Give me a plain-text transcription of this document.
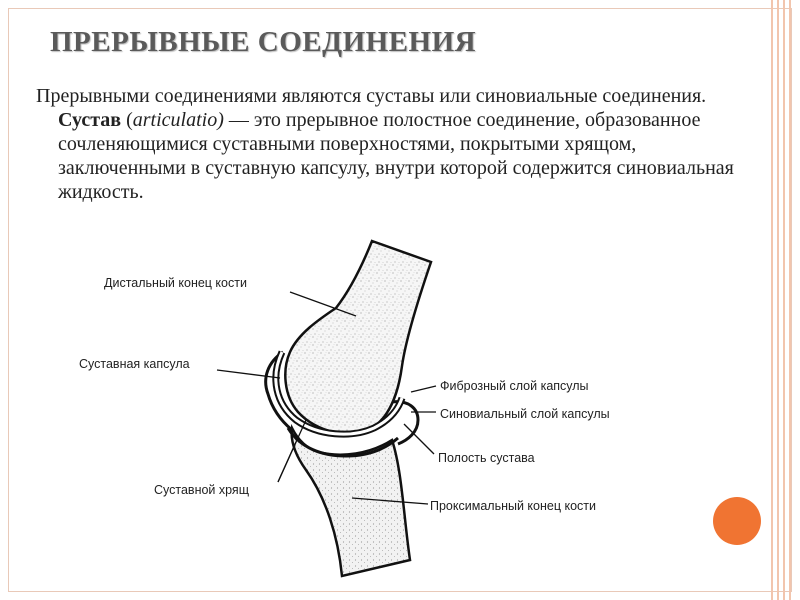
ПРЕРЫВНЫЕ СОЕДИНЕНИЯ

Прерывными соединениями являются суставы или синовиальные соединения. Сустав (articulatio) — это прерывное полостное соединение, образованное сочленяющимися суставными поверхностями, покрытыми хрящом, заключенными в суставную капсулу, внутри которой содержится синовиальная жидкость.

Дистальный конец кости
Суставная капсула
Фиброзный слой капсулы
Синовиальный слой капсулы
Полость сустава
Суставной хрящ
Проксимальный конец кости
